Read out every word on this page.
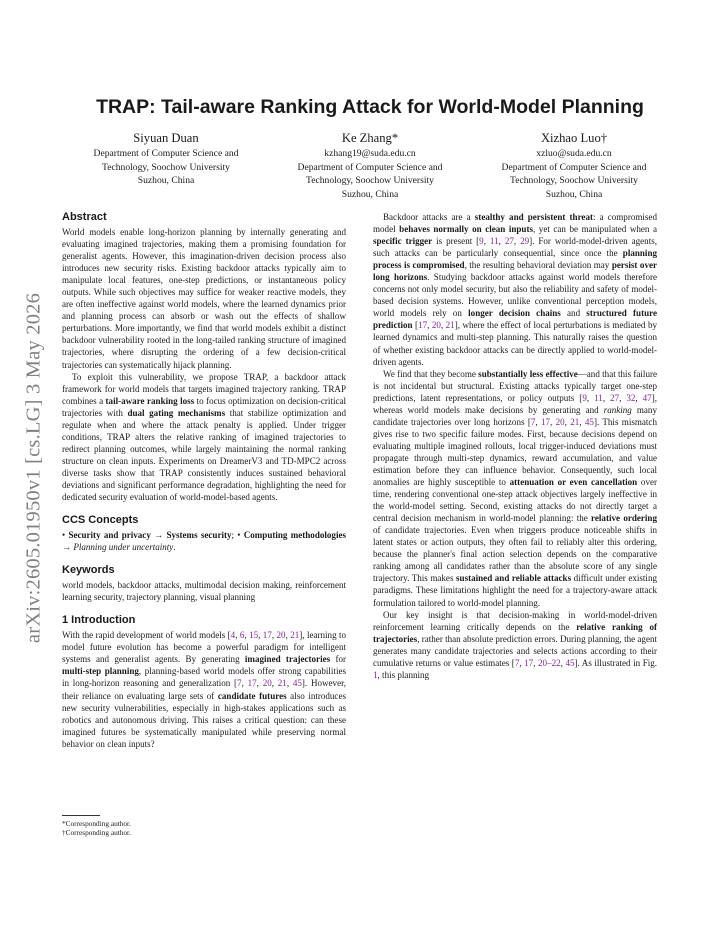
arXiv:2605.01950v1 [cs.LG] 3 May 2026
TRAP: Tail-aware Ranking Attack for World-Model Planning
Siyuan Duan
Department of Computer Science and
Technology, Soochow University
Suzhou, China
Ke Zhang*
kzhang19@suda.edu.cn
Department of Computer Science and
Technology, Soochow University
Suzhou, China
Xizhao Luo†
xzluo@suda.edu.cn
Department of Computer Science and
Technology, Soochow University
Suzhou, China
Abstract

World models enable long-horizon planning by internally generating and evaluating imagined trajectories, making them a promising foundation for generalist agents. However, this imagination-driven decision process also introduces new security risks. Existing backdoor attacks typically aim to manipulate local features, one-step predictions, or instantaneous policy outputs. While such objectives may suffice for weaker reactive models, they are often ineffective against world models, where the learned dynamics prior and planning process can absorb or wash out the effects of shallow perturbations. More importantly, we find that world models exhibit a distinct backdoor vulnerability rooted in the long-tailed ranking structure of imagined trajectories, where disrupting the ordering of a few decision-critical trajectories can systematically hijack planning.

To exploit this vulnerability, we propose TRAP, a backdoor attack framework for world models that targets imagined trajectory ranking. TRAP combines a tail-aware ranking loss to focus optimization on decision-critical trajectories with dual gating mechanisms that stabilize optimization and regulate when and where the attack penalty is applied. Under trigger conditions, TRAP alters the relative ranking of imagined trajectories to redirect planning outcomes, while largely maintaining the normal ranking structure on clean inputs. Experiments on DreamerV3 and TD-MPC2 across diverse tasks show that TRAP consistently induces sustained behavioral deviations and significant performance degradation, highlighting the need for dedicated security evaluation of world-model-based agents.

CCS Concepts

• Security and privacy → Systems security; • Computing methodologies → Planning under uncertainty.

Keywords

world models, backdoor attacks, multimodal decision making, reinforcement learning security, trajectory planning, visual planning

1 Introduction

With the rapid development of world models [4, 6, 15, 17, 20, 21], learning to model future evolution has become a powerful paradigm for intelligent systems and generalist agents. By generating imagined trajectories for multi-step planning, planning-based world models offer strong capabilities in long-horizon reasoning and generalization [7, 17, 20, 21, 45]. However, their reliance on evaluating large sets of candidate futures also introduces new security vulnerabilities, especially in high-stakes applications such as robotics and autonomous driving. This raises a critical question: can these imagined futures be systematically manipulated while preserving normal behavior on clean inputs?

Backdoor attacks are a stealthy and persistent threat: a compromised model behaves normally on clean inputs, yet can be manipulated when a specific trigger is present [9, 11, 27, 29]. For world-model-driven agents, such attacks can be particularly consequential, since once the planning process is compromised, the resulting behavioral deviation may persist over long horizons. Studying backdoor attacks against world models therefore concerns not only model security, but also the reliability and safety of model-based decision systems. However, unlike conventional perception models, world models rely on longer decision chains and structured future prediction [17, 20, 21], where the effect of local perturbations is mediated by learned dynamics and multi-step planning. This naturally raises the question of whether existing backdoor attacks can be directly applied to world-model-driven agents.

We find that they become substantially less effective—and that this failure is not incidental but structural. Existing attacks typically target one-step predictions, latent representations, or policy outputs [9, 11, 27, 32, 47], whereas world models make decisions by generating and ranking many candidate trajectories over long horizons [7, 17, 20, 21, 45]. This mismatch gives rise to two specific failure modes. First, because decisions depend on evaluating multiple imagined rollouts, local trigger-induced deviations must propagate through multi-step dynamics, reward accumulation, and value estimation before they can influence behavior. Consequently, such local anomalies are highly susceptible to attenuation or even cancellation over time, rendering conventional one-step attack objectives largely ineffective in the world-model setting. Second, existing attacks do not directly target a central decision mechanism in world-model planning: the relative ordering of candidate trajectories. Even when triggers produce noticeable shifts in latent states or action outputs, they often fail to reliably alter this ordering, because the planner's final action selection depends on the comparative ranking among all candidates rather than the absolute score of any single trajectory. This makes sustained and reliable attacks difficult under existing paradigms. These limitations highlight the need for a trajectory-aware attack formulation tailored to world-model planning.

Our key insight is that decision-making in world-model-driven reinforcement learning critically depends on the relative ranking of trajectories, rather than absolute prediction errors. During planning, the agent generates many candidate trajectories and selects actions according to their cumulative returns or value estimates [7, 17, 20–22, 45]. As illustrated in Fig. 1, this planning

*Corresponding author.
†Corresponding author.
